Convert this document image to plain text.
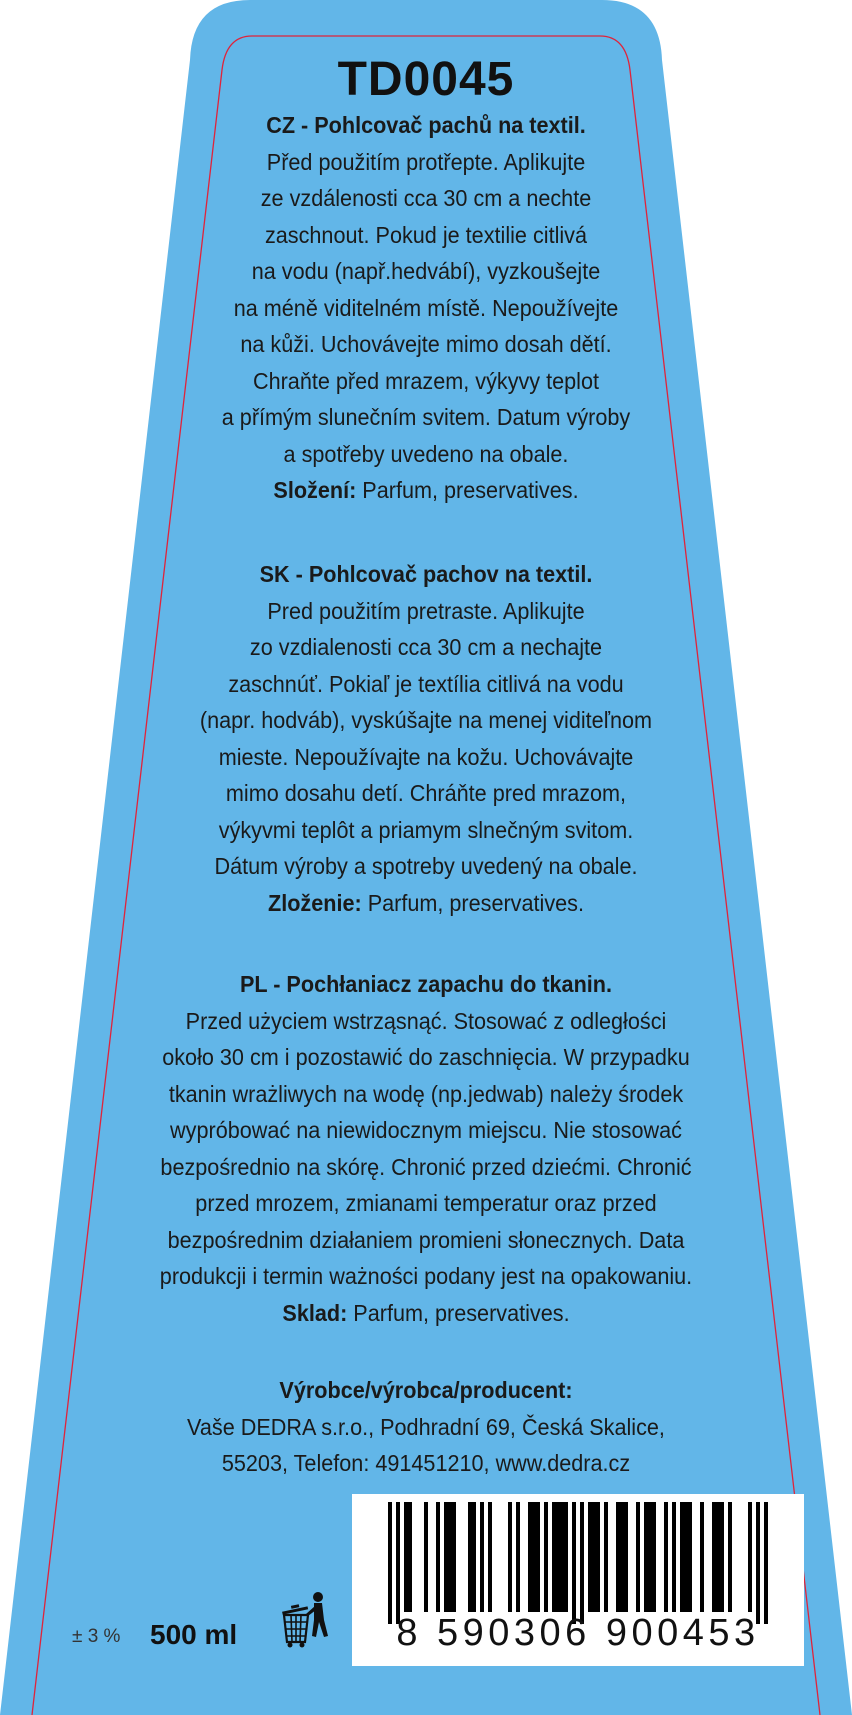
TD0045
CZ - Pohlcovač pachů na textil.
Před použitím protřepte. Aplikujte
ze vzdálenosti cca 30 cm a nechte
zaschnout. Pokud je textilie citlivá
na vodu (např.hedvábí), vyzkoušejte
na méně viditelném místě. Nepoužívejte
na kůži. Uchovávejte mimo dosah dětí.
Chraňte před mrazem, výkyvy teplot
a přímým slunečním svitem. Datum výroby
a spotřeby uvedeno na obale.
Složení: Parfum, preservatives.
SK - Pohlcovač pachov na textil.
Pred použitím pretraste. Aplikujte
zo vzdialenosti cca 30 cm a nechajte
zaschnúť. Pokiaľ je textília citlivá na vodu
(napr. hodváb), vyskúšajte na menej viditeľnom
mieste. Nepoužívajte na kožu. Uchovávajte
mimo dosahu detí. Chráňte pred mrazom,
výkyvmi teplôt a priamym slnečným svitom.
Dátum výroby a spotreby uvedený na obale.
Zloženie: Parfum, preservatives.
PL - Pochłaniacz zapachu do tkanin.
Przed użyciem wstrząsnąć. Stosować z odległości
około 30 cm i pozostawić do zaschnięcia. W przypadku
tkanin wrażliwych na wodę (np.jedwab) należy środek
wypróbować na niewidocznym miejscu. Nie stosować
bezpośrednio na skórę. Chronić przed dziećmi. Chronić
przed mrozem, zmianami temperatur oraz przed
bezpośrednim działaniem promieni słonecznych. Data
produkcji i termin ważności podany jest na opakowaniu.
Sklad: Parfum, preservatives.
Výrobce/výrobca/producent:
Vaše DEDRA s.r.o., Podhradní 69, Česká Skalice,
55203, Telefon: 491451210, www.dedra.cz
± 3 % 500 ml	8 590306 900453
